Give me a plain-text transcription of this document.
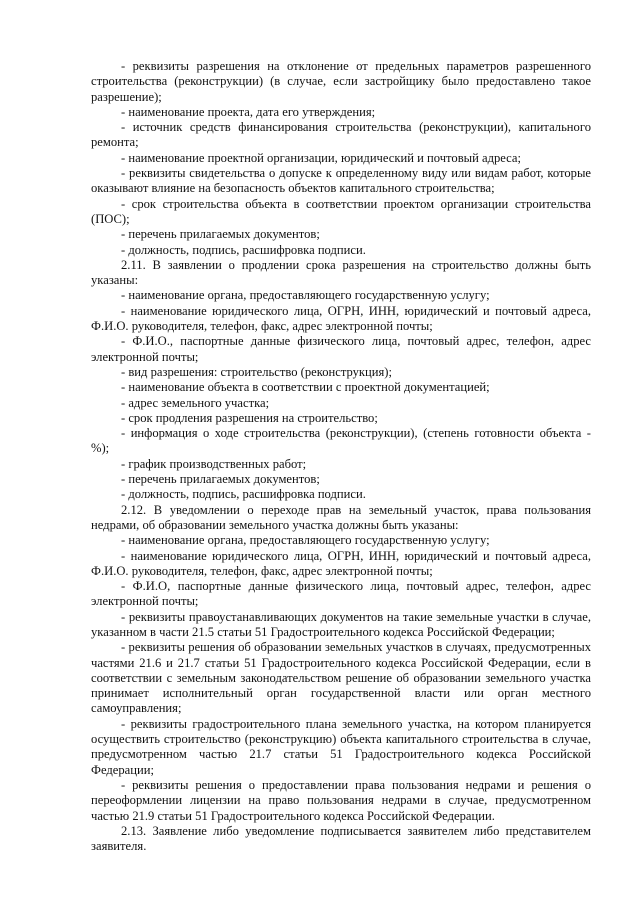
- реквизиты разрешения на отклонение от предельных параметров разрешенного строительства (реконструкции) (в случае, если застройщику было предоставлено такое разрешение);

- наименование проекта, дата его утверждения;

- источник средств финансирования строительства (реконструкции), капитального ремонта;

- наименование проектной организации, юридический и почтовый адреса;

- реквизиты свидетельства о допуске к определенному виду или видам работ, которые оказывают влияние на безопасность объектов капитального строительства;

- срок строительства объекта в соответствии проектом организации строительства (ПОС);

- перечень прилагаемых документов;

- должность, подпись, расшифровка подписи.

2.11. В заявлении о продлении срока разрешения на строительство должны быть указаны:

- наименование органа, предоставляющего государственную услугу;

- наименование юридического лица, ОГРН, ИНН, юридический и почтовый адреса, Ф.И.О. руководителя, телефон, факс, адрес электронной почты;

- Ф.И.О., паспортные данные физического лица, почтовый адрес, телефон, адрес электронной почты;

- вид разрешения: строительство (реконструкция);

- наименование объекта в соответствии с проектной документацией;

- адрес земельного участка;

- срок продления разрешения на строительство;

- информация о ходе строительства (реконструкции), (степень готовности объекта - %);

- график производственных работ;

- перечень прилагаемых документов;

- должность, подпись, расшифровка подписи.

2.12. В уведомлении о переходе прав на земельный участок, права пользования недрами, об образовании земельного участка должны быть указаны:

- наименование органа, предоставляющего государственную услугу;

- наименование юридического лица, ОГРН, ИНН, юридический и почтовый адреса, Ф.И.О. руководителя, телефон, факс, адрес электронной почты;

- Ф.И.О, паспортные данные физического лица, почтовый адрес, телефон, адрес электронной почты;

- реквизиты правоустанавливающих документов на такие земельные участки в случае, указанном в части 21.5 статьи 51 Градостроительного кодекса Российской Федерации;

- реквизиты решения об образовании земельных участков в случаях, предусмотренных частями 21.6 и 21.7 статьи 51 Градостроительного кодекса Российской Федерации, если в соответствии с земельным законодательством решение об образовании земельного участка принимает исполнительный орган государственной власти или орган местного самоуправления;

- реквизиты градостроительного плана земельного участка, на котором планируется осуществить строительство (реконструкцию) объекта капитального строительства в случае, предусмотренном частью 21.7 статьи 51 Градостроительного кодекса Российской Федерации;

- реквизиты решения о предоставлении права пользования недрами и решения о переоформлении лицензии на право пользования недрами в случае, предусмотренном частью 21.9 статьи 51 Градостроительного кодекса Российской Федерации.

2.13. Заявление либо уведомление подписывается заявителем либо представителем заявителя.
